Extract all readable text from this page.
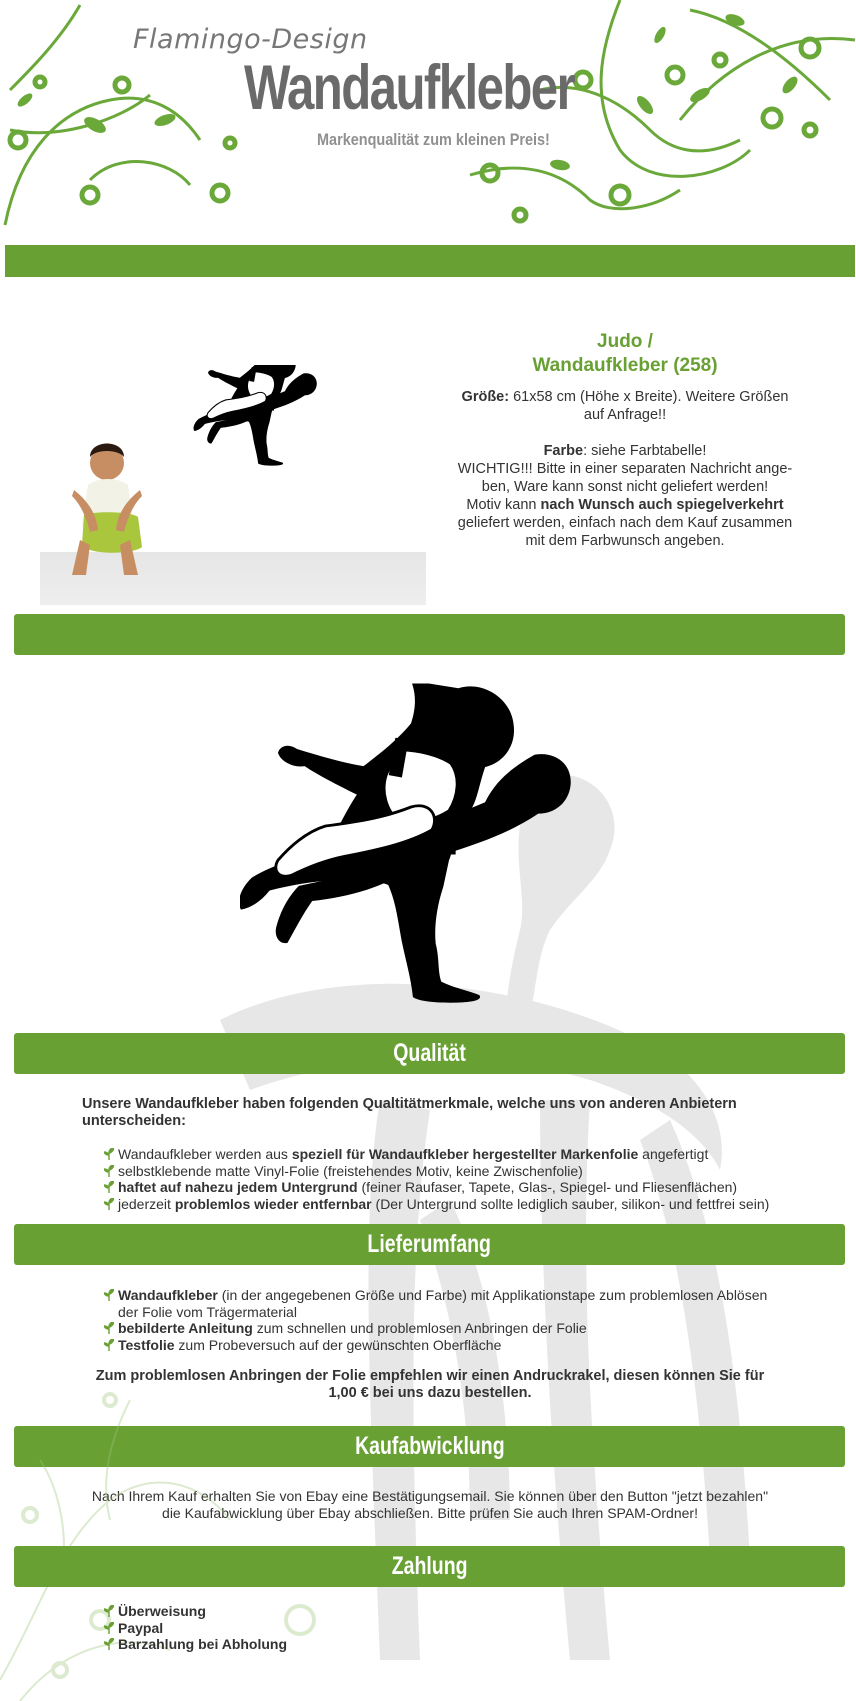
Flamingo-Design
Wandaufkleber
Markenqualität zum kleinen Preis!
Judo /
Wandaufkleber (258)

Größe: 61x58 cm (Höhe x Breite). Weitere Größen auf Anfrage!!

Farbe: siehe Farbtabelle!
WICHTIG!!! Bitte in einer separaten Nachricht ange-ben, Ware kann sonst nicht geliefert werden!
Motiv kann nach Wunsch auch spiegelverkehrt geliefert werden, einfach nach dem Kauf zusammen mit dem Farbwunsch angeben.
Qualität
Unsere Wandaufkleber haben folgenden Qualtitätmerkmale, welche uns von anderen Anbietern unterscheiden:
Wandaufkleber werden aus speziell für Wandaufkleber hergestellter Markenfolie angefertigt
selbstklebende matte Vinyl-Folie (freistehendes Motiv, keine Zwischenfolie)
haftet auf nahezu jedem Untergrund (feiner Raufaser, Tapete, Glas-, Spiegel- und Fliesenflächen)
jederzeit problemlos wieder entfernbar (Der Untergrund sollte lediglich sauber, silikon- und fettfrei sein)
Lieferumfang
Wandaufkleber (in der angegebenen Größe und Farbe) mit Applikationstape zum problemlosen Ablösen der Folie vom Trägermaterial
bebilderte Anleitung zum schnellen und problemlosen Anbringen der Folie
Testfolie zum Probeversuch auf der gewünschten Oberfläche
Zum problemlosen Anbringen der Folie empfehlen wir einen Andruckrakel, diesen können Sie für 1,00 € bei uns dazu bestellen.
Kaufabwicklung
Nach Ihrem Kauf erhalten Sie von Ebay eine Bestätigungsemail. Sie können über den Button "jetzt bezahlen"
die Kaufabwicklung über Ebay abschließen. Bitte prüfen Sie auch Ihren SPAM-Ordner!
Zahlung
Überweisung
Paypal
Barzahlung bei Abholung
